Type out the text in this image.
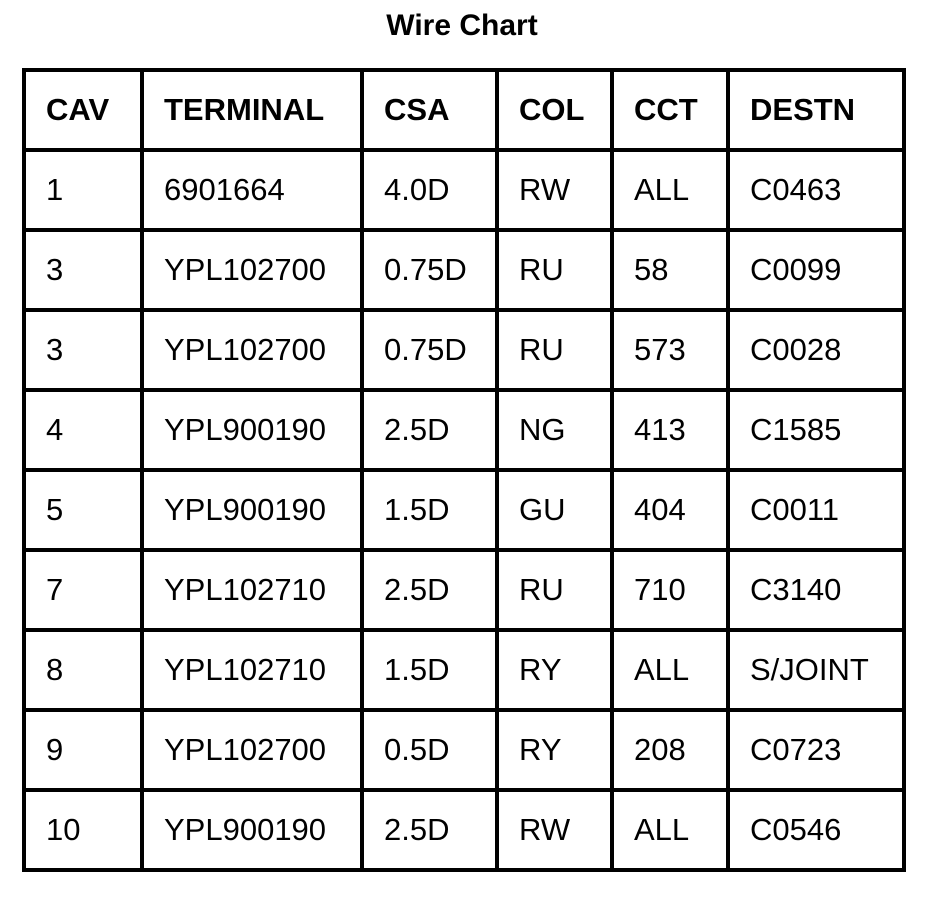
Wire Chart
CAV	TERMINAL	CSA	COL	CCT	DESTN
1	6901664	4.0D	RW	ALL	C0463
3	YPL102700	0.75D	RU	58	C0099
3	YPL102700	0.75D	RU	573	C0028
4	YPL900190	2.5D	NG	413	C1585
5	YPL900190	1.5D	GU	404	C0011
7	YPL102710	2.5D	RU	710	C3140
8	YPL102710	1.5D	RY	ALL	S/JOINT
9	YPL102700	0.5D	RY	208	C0723
10	YPL900190	2.5D	RW	ALL	C0546
